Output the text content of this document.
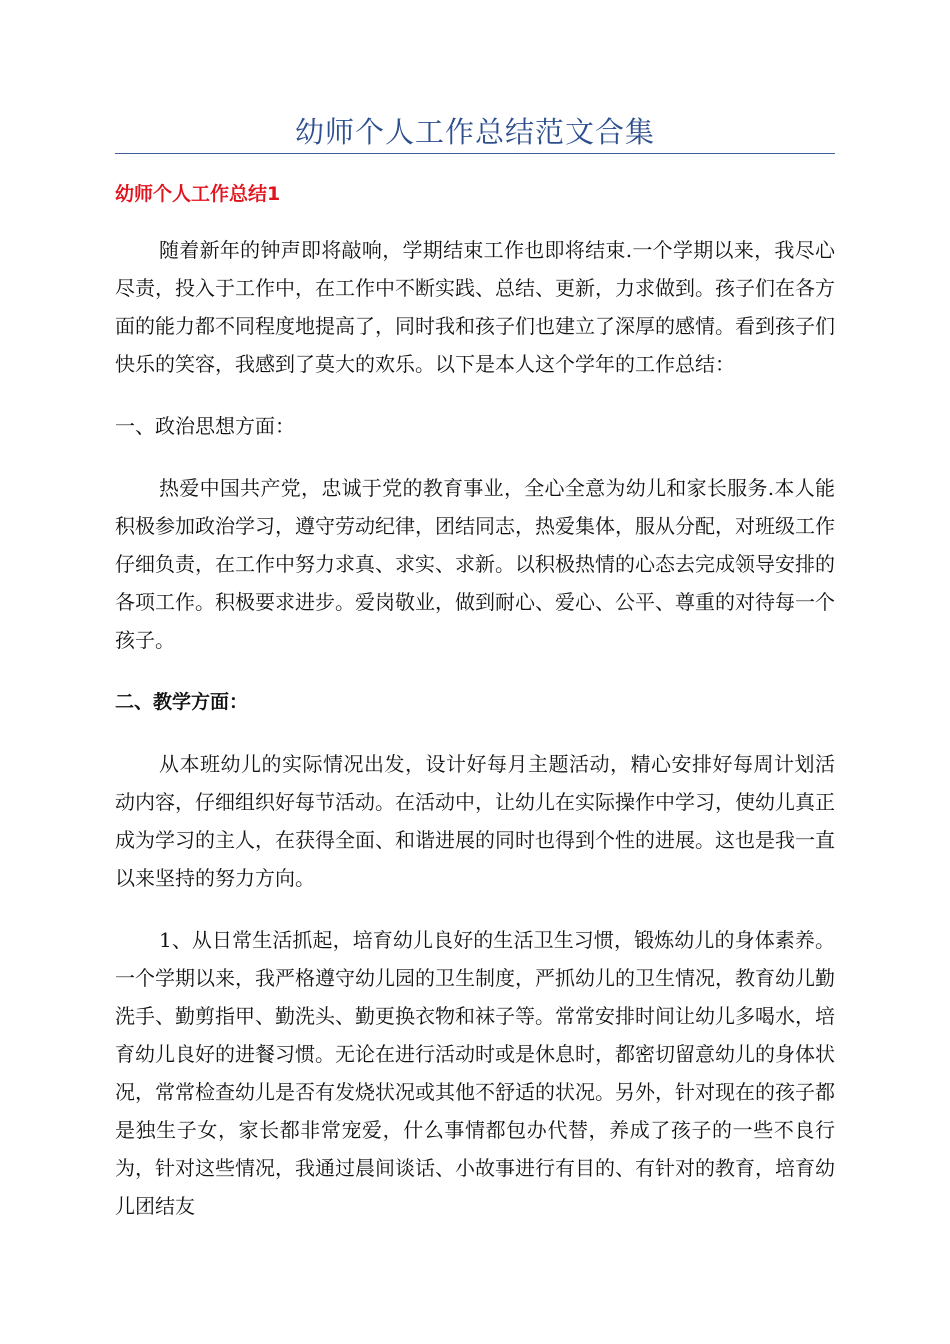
幼师个人工作总结范文合集
幼师个人工作总结1

随着新年的钟声即将敲响，学期结束工作也即将结束.一个学期以来，我尽心尽责，投入于工作中，在工作中不断实践、总结、更新，力求做到。孩子们在各方面的能力都不同程度地提高了，同时我和孩子们也建立了深厚的感情。看到孩子们快乐的笑容，我感到了莫大的欢乐。以下是本人这个学年的工作总结：

一、政治思想方面：

热爱中国共产党，忠诚于党的教育事业，全心全意为幼儿和家长服务.本人能积极参加政治学习，遵守劳动纪律，团结同志，热爱集体，服从分配，对班级工作仔细负责，在工作中努力求真、求实、求新。以积极热情的心态去完成领导安排的各项工作。积极要求进步。爱岗敬业，做到耐心、爱心、公平、尊重的对待每一个孩子。

二、教学方面：

从本班幼儿的实际情况出发，设计好每月主题活动，精心安排好每周计划活动内容，仔细组织好每节活动。在活动中，让幼儿在实际操作中学习，使幼儿真正成为学习的主人，在获得全面、和谐进展的同时也得到个性的进展。这也是我一直以来坚持的努力方向。

1、从日常生活抓起，培育幼儿良好的生活卫生习惯，锻炼幼儿的身体素养。一个学期以来，我严格遵守幼儿园的卫生制度，严抓幼儿的卫生情况，教育幼儿勤洗手、勤剪指甲、勤洗头、勤更换衣物和袜子等。常常安排时间让幼儿多喝水，培育幼儿良好的进餐习惯。无论在进行活动时或是休息时，都密切留意幼儿的身体状况，常常检查幼儿是否有发烧状况或其他不舒适的状况。另外，针对现在的孩子都是独生子女，家长都非常宠爱，什么事情都包办代替，养成了孩子的一些不良行为，针对这些情况，我通过晨间谈话、小故事进行有目的、有针对的教育，培育幼儿团结友
